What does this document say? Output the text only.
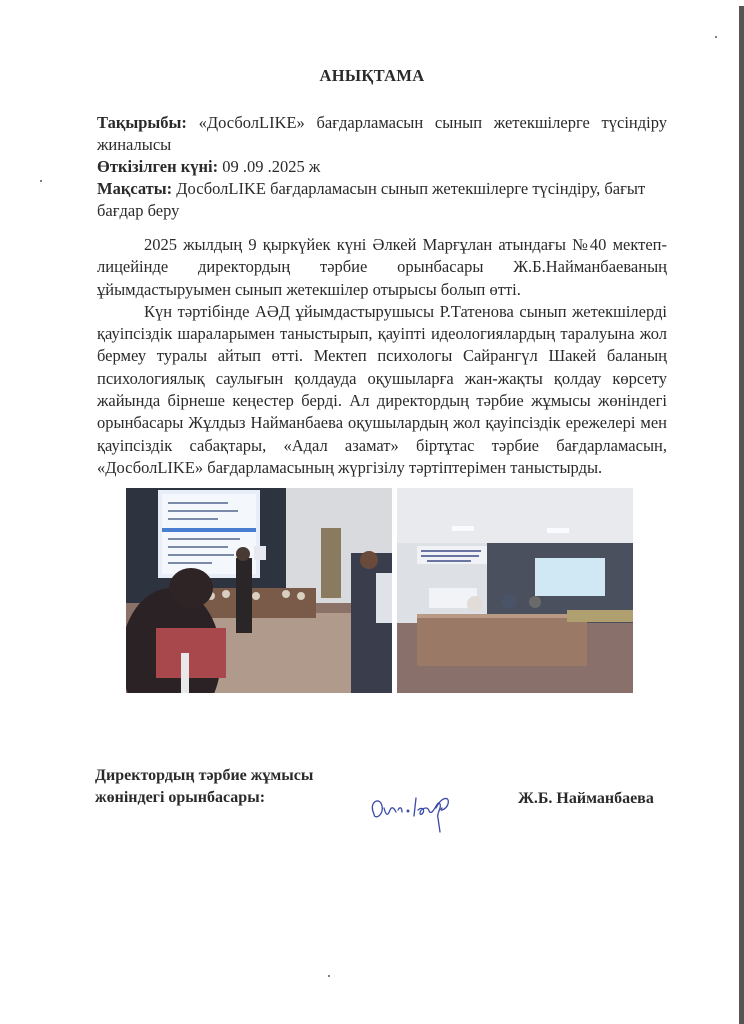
АНЫҚТАМА
Тақырыбы: «ДосболLIKE» бағдарламасын сынып жетекшілерге түсіндіру жиналысы
Өткізілген күні: 09 .09 .2025 ж
Мақсаты: ДосболLIKE бағдарламасын сынып жетекшілерге түсіндіру, бағыт бағдар беру

2025 жылдың 9 қыркүйек күні Әлкей Марғұлан атындағы №40 мектеп-лицейінде директордың тәрбие орынбасары Ж.Б.Найманбаеваның ұйымдастыруымен сынып жетекшілер отырысы болып өтті.

Күн тәртібінде АӘД ұйымдастырушысы Р.Татенова сынып жетекшілерді қауіпсіздік шараларымен таныстырып, қауіпті идеологиялардың таралуына жол бермеу туралы айтып өтті. Мектеп психологы Сайрангүл Шакей баланың психологиялық саулығын қолдауда оқушыларға жан-жақты қолдау көрсету жайында бірнеше кеңестер берді. Ал директордың тәрбие жұмысы жөніндегі орынбасары Жұлдыз Найманбаева оқушылардың жол қауіпсіздік ережелері мен қауіпсіздік сабақтары, «Адал азамат» біртұтас тәрбие бағдарламасын, «ДосболLIKE» бағдарламасының жүргізілу тәртіптерімен таныстырды.

Директордың тәрбие жұмысы
жөніндегі орынбасары:	Ж.Б. Найманбаева
